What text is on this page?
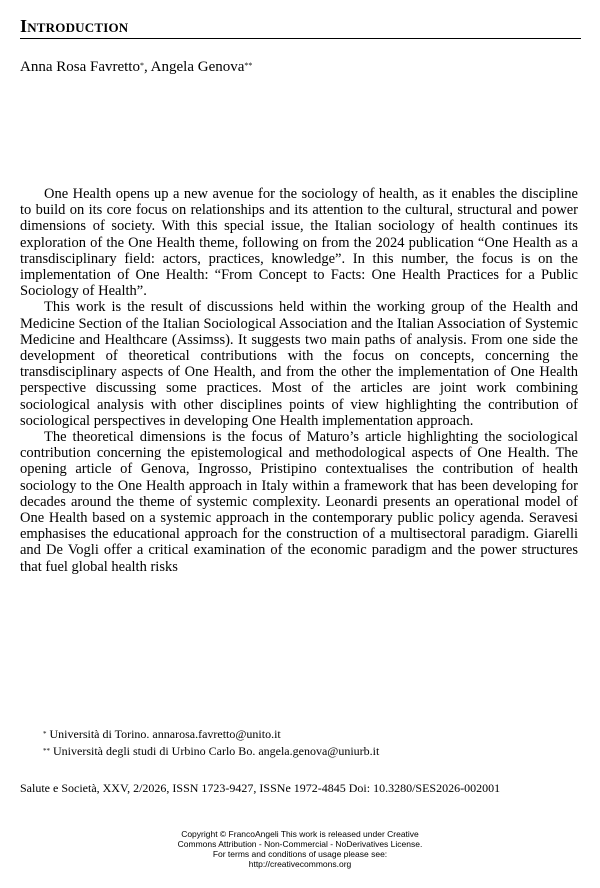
Introduction
Anna Rosa Favretto*, Angela Genova**

One Health opens up a new avenue for the sociology of health, as it enables the discipline to build on its core focus on relationships and its attention to the cultural, structural and power dimensions of society. With this special issue, the Italian sociology of health continues its exploration of the One Health theme, following on from the 2024 publication “One Health as a transdisciplinary field: actors, practices, knowledge”. In this number, the focus is on the implementation of One Health: “From Concept to Facts: One Health Practices for a Public Sociology of Health”.

This work is the result of discussions held within the working group of the Health and Medicine Section of the Italian Sociological Association and the Italian Association of Systemic Medicine and Healthcare (Assimss). It suggests two main paths of analysis. From one side the development of theoretical contributions with the focus on concepts, concerning the transdisciplinary aspects of One Health, and from the other the implementation of One Health perspective discussing some practices. Most of the articles are joint work combining sociological analysis with other disciplines points of view highlighting the contribution of sociological perspectives in developing One Health implementation approach.

The theoretical dimensions is the focus of Maturo’s article highlighting the sociological contribution concerning the epistemological and methodological aspects of One Health. The opening article of Genova, Ingrosso, Pristipino contextualises the contribution of health sociology to the One Health approach in Italy within a framework that has been developing for decades around the theme of systemic complexity. Leonardi presents an operational model of One Health based on a systemic approach in the contemporary public policy agenda. Seravesi emphasises the educational approach for the construction of a multisectoral paradigm. Giarelli and De Vogli offer a critical examination of the economic paradigm and the power structures that fuel global health risks

* Università di Torino. annarosa.favretto@unito.it
** Università degli studi di Urbino Carlo Bo. angela.genova@uniurb.it
Salute e Società, XXV, 2/2026, ISSN 1723-9427, ISSNe 1972-4845 Doi: 10.3280/SES2026-002001
Copyright © FrancoAngeli This work is released under Creative
Commons Attribution - Non-Commercial - NoDerivatives License.
For terms and conditions of usage please see:
http://creativecommons.org
